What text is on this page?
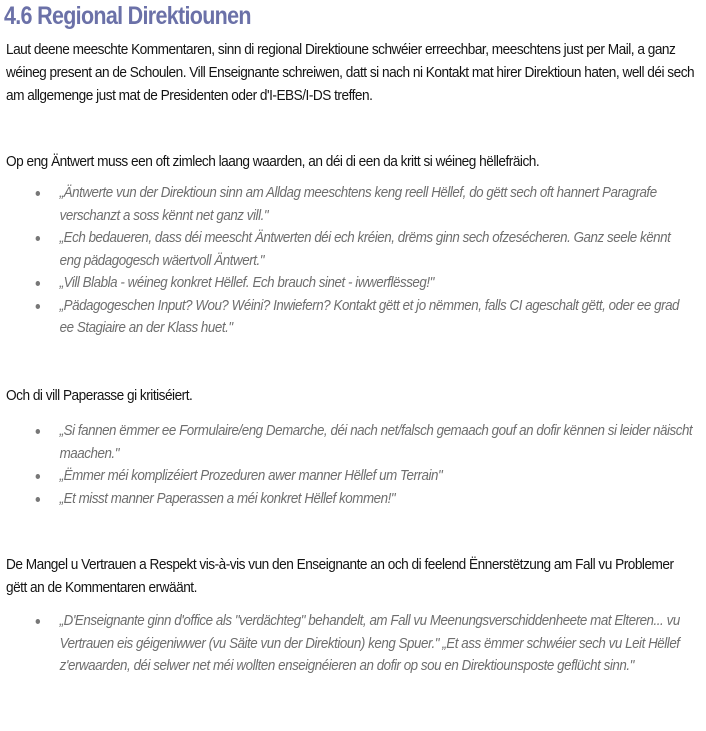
4.6 Regional Direktiounen

Laut deene meeschte Kommentaren, sinn di regional Direktioune schwéier erreechbar, meeschtens just per Mail, a ganz wéineg present an de Schoulen. Vill Enseignante schreiwen, datt si nach ni Kontakt mat hirer Direktioun haten, well déi sech am allgemenge just mat de Presidenten oder d'I-EBS/I-DS treffen.

Op eng Äntwert muss een oft zimlech laang waarden, an déi di een da kritt si wéineg hëllefräich.

„Äntwerte vun der Direktioun sinn am Alldag meeschtens keng reell Hëllef, do gëtt sech oft hannert Paragrafe verschanzt a soss kënnt net ganz vill."
„Ech bedaueren, dass déi meescht Äntwerten déi ech kréien, drëms ginn sech ofzesécheren. Ganz seele kënnt eng pädagogesch wäertvoll Äntwert."
„Vill Blabla - wéineg konkret Hëllef. Ech brauch sinet - iwwerflësseg!"
„Pädagogeschen Input? Wou? Wéini? Inwiefern? Kontakt gëtt et jo nëmmen, falls CI ageschalt gëtt, oder ee grad ee Stagiaire an der Klass huet."

Och di vill Paperasse gi kritiséiert.

„Si fannen ëmmer ee Formulaire/eng Demarche, déi nach net/falsch gemaach gouf an dofir kënnen si leider näischt maachen."
„Ëmmer méi komplizéiert Prozeduren awer manner Hëllef um Terrain"
„Et misst manner Paperassen a méi konkret Hëllef kommen!"

De Mangel u Vertrauen a Respekt vis-à-vis vun den Enseignante an och di feelend Ënnerstëtzung am Fall vu Problemer gëtt an de Kommentaren erwäänt.

„D'Enseignante ginn d'office als "verdächteg" behandelt, am Fall vu Meenungsverschiddenheete mat Elteren... vu Vertrauen eis géigeniwwer (vu Säite vun der Direktioun) keng Spuer." „Et ass ëmmer schwéier sech vu Leit Hëllef z'erwaarden, déi selwer net méi wollten enseignéieren an dofir op sou en Direktiounsposte geflücht sinn."
